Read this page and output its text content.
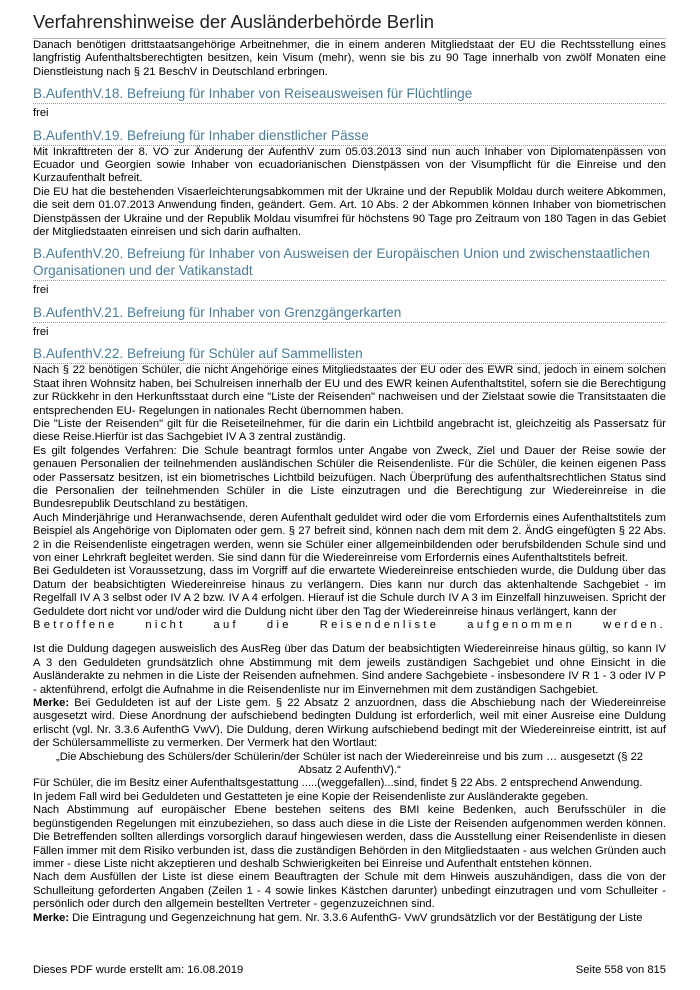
Verfahrenshinweise der Ausländerbehörde Berlin

Danach benötigen drittstaatsangehörige Arbeitnehmer, die in einem anderen Mitgliedstaat der EU die Rechtsstellung eines langfristig Aufenthaltsberechtigten besitzen, kein Visum (mehr), wenn sie bis zu 90 Tage innerhalb von zwölf Monaten eine Dienstleistung nach § 21 BeschV in Deutschland erbringen.

B.AufenthV.18. Befreiung für Inhaber von Reiseausweisen für Flüchtlinge
frei
B.AufenthV.19. Befreiung für Inhaber dienstlicher Pässe

Mit Inkrafttreten der 8. VO zur Änderung der AufenthV zum 05.03.2013 sind nun auch Inhaber von Diplomatenpässen von Ecuador und Georgien sowie Inhaber von ecuadorianischen Dienstpässen von der Visumpflicht für die Einreise und den Kurzaufenthalt befreit.

Die EU hat die bestehenden Visaerleichterungsabkommen mit der Ukraine und der Republik Moldau durch weitere Abkommen, die seit dem 01.07.2013 Anwendung finden, geändert. Gem. Art. 10 Abs. 2 der Abkommen können Inhaber von biometrischen Dienstpässen der Ukraine und der Republik Moldau visumfrei für höchstens 90 Tage pro Zeitraum von 180 Tagen in das Gebiet der Mitgliedstaaten einreisen und sich darin aufhalten.

B.AufenthV.20. Befreiung für Inhaber von Ausweisen der Europäischen Union und zwischenstaatlichen Organisationen und der Vatikanstadt
frei
B.AufenthV.21. Befreiung für Inhaber von Grenzgängerkarten
frei
B.AufenthV.22. Befreiung für Schüler auf Sammellisten

Nach § 22 benötigen Schüler, die nicht Angehörige eines Mitgliedstaates der EU oder des EWR sind, jedoch in einem solchen Staat ihren Wohnsitz haben, bei Schulreisen innerhalb der EU und des EWR keinen Aufenthaltstitel, sofern sie die Berechtigung zur Rückkehr in den Herkunftsstaat durch eine "Liste der Reisenden" nachweisen und der Zielstaat sowie die Transitstaaten die entsprechenden EU- Regelungen in nationales Recht übernommen haben.

Die "Liste der Reisenden" gilt für die Reiseteilnehmer, für die darin ein Lichtbild angebracht ist, gleichzeitig als Passersatz für diese Reise.Hierfür ist das Sachgebiet IV A 3 zentral zuständig.

Es gilt folgendes Verfahren: Die Schule beantragt formlos unter Angabe von Zweck, Ziel und Dauer der Reise sowie der genauen Personalien der teilnehmenden ausländischen Schüler die Reisendenliste. Für die Schüler, die keinen eigenen Pass oder Passersatz besitzen, ist ein biometrisches Lichtbild beizufügen. Nach Überprüfung des aufenthaltsrechtlichen Status sind die Personalien der teilnehmenden Schüler in die Liste einzutragen und die Berechtigung zur Wiedereinreise in die Bundesrepublik Deutschland zu bestätigen.

Auch Minderjährige und Heranwachsende, deren Aufenthalt geduldet wird oder die vom Erfordernis eines Aufenthaltstitels zum Beispiel als Angehörige von Diplomaten oder gem. § 27 befreit sind, können nach dem mit dem 2. ÄndG eingefügten § 22 Abs. 2 in die Reisendenliste eingetragen werden, wenn sie Schüler einer allgemeinbildenden oder berufsbildenden Schule sind und von einer Lehrkraft begleitet werden. Sie sind dann für die Wiedereinreise vom Erfordernis eines Aufenthaltstitels befreit.

Bei Geduldeten ist Voraussetzung, dass im Vorgriff auf die erwartete Wiedereinreise entschieden wurde, die Duldung über das Datum der beabsichtigten Wiedereinreise hinaus zu verlängern. Dies kann nur durch das aktenhaltende Sachgebiet - im Regelfall IV A 3 selbst oder IV A 2 bzw. IV A 4 erfolgen. Hierauf ist die Schule durch IV A 3 im Einzelfall hinzuweisen. Spricht der Geduldete dort nicht vor und/oder wird die Duldung nicht über den Tag der Wiedereinreise hinaus verlängert, kann der

Betroffene nicht auf die Reisendenliste aufgenommen werden.

Ist die Duldung dagegen ausweislich des AusReg über das Datum der beabsichtigten Wiedereinreise hinaus gültig, so kann IV A 3 den Geduldeten grundsätzlich ohne Abstimmung mit dem jeweils zuständigen Sachgebiet und ohne Einsicht in die Ausländerakte zu nehmen in die Liste der Reisenden aufnehmen. Sind andere Sachgebiete - insbesondere IV R 1 - 3 oder IV P - aktenführend, erfolgt die Aufnahme in die Reisendenliste nur im Einvernehmen mit dem zuständigen Sachgebiet.

Merke: Bei Geduldeten ist auf der Liste gem. § 22 Absatz 2 anzuordnen, dass die Abschiebung nach der Wiedereinreise ausgesetzt wird. Diese Anordnung der aufschiebend bedingten Duldung ist erforderlich, weil mit einer Ausreise eine Duldung erlischt (vgl. Nr. 3.3.6 AufenthG VwV). Die Duldung, deren Wirkung aufschiebend bedingt mit der Wiedereinreise eintritt, ist auf der Schülersammelliste zu vermerken. Der Vermerk hat den Wortlaut:

„Die Abschiebung des Schülers/der Schülerin/der Schüler ist nach der Wiedereinreise und bis zum … ausgesetzt (§ 22 Absatz 2 AufenthV).“

Für Schüler, die im Besitz einer Aufenthaltsgestattung .....(weggefallen)...sind, findet § 22 Abs. 2 entsprechend Anwendung.

In jedem Fall wird bei Geduldeten und Gestatteten je eine Kopie der Reisendenliste zur Ausländerakte gegeben.

Nach Abstimmung auf europäischer Ebene bestehen seitens des BMI keine Bedenken, auch Berufsschüler in die begünstigenden Regelungen mit einzubeziehen, so dass auch diese in die Liste der Reisenden aufgenommen werden können. Die Betreffenden sollten allerdings vorsorglich darauf hingewiesen werden, dass die Ausstellung einer Reisendenliste in diesen Fällen immer mit dem Risiko verbunden ist, dass die zuständigen Behörden in den Mitgliedstaaten - aus welchen Gründen auch immer - diese Liste nicht akzeptieren und deshalb Schwierigkeiten bei Einreise und Aufenthalt entstehen können.

Nach dem Ausfüllen der Liste ist diese einem Beauftragten der Schule mit dem Hinweis auszuhändigen, dass die von der Schulleitung geforderten Angaben (Zeilen 1 - 4 sowie linkes Kästchen darunter) unbedingt einzutragen und vom Schulleiter - persönlich oder durch den allgemein bestellten Vertreter - gegenzuzeichnen sind.

Merke: Die Eintragung und Gegenzeichnung hat gem. Nr. 3.3.6 AufenthG- VwV grundsätzlich vor der Bestätigung der Liste

Dieses PDF wurde erstellt am: 16.08.2019	Seite 558 von 815
